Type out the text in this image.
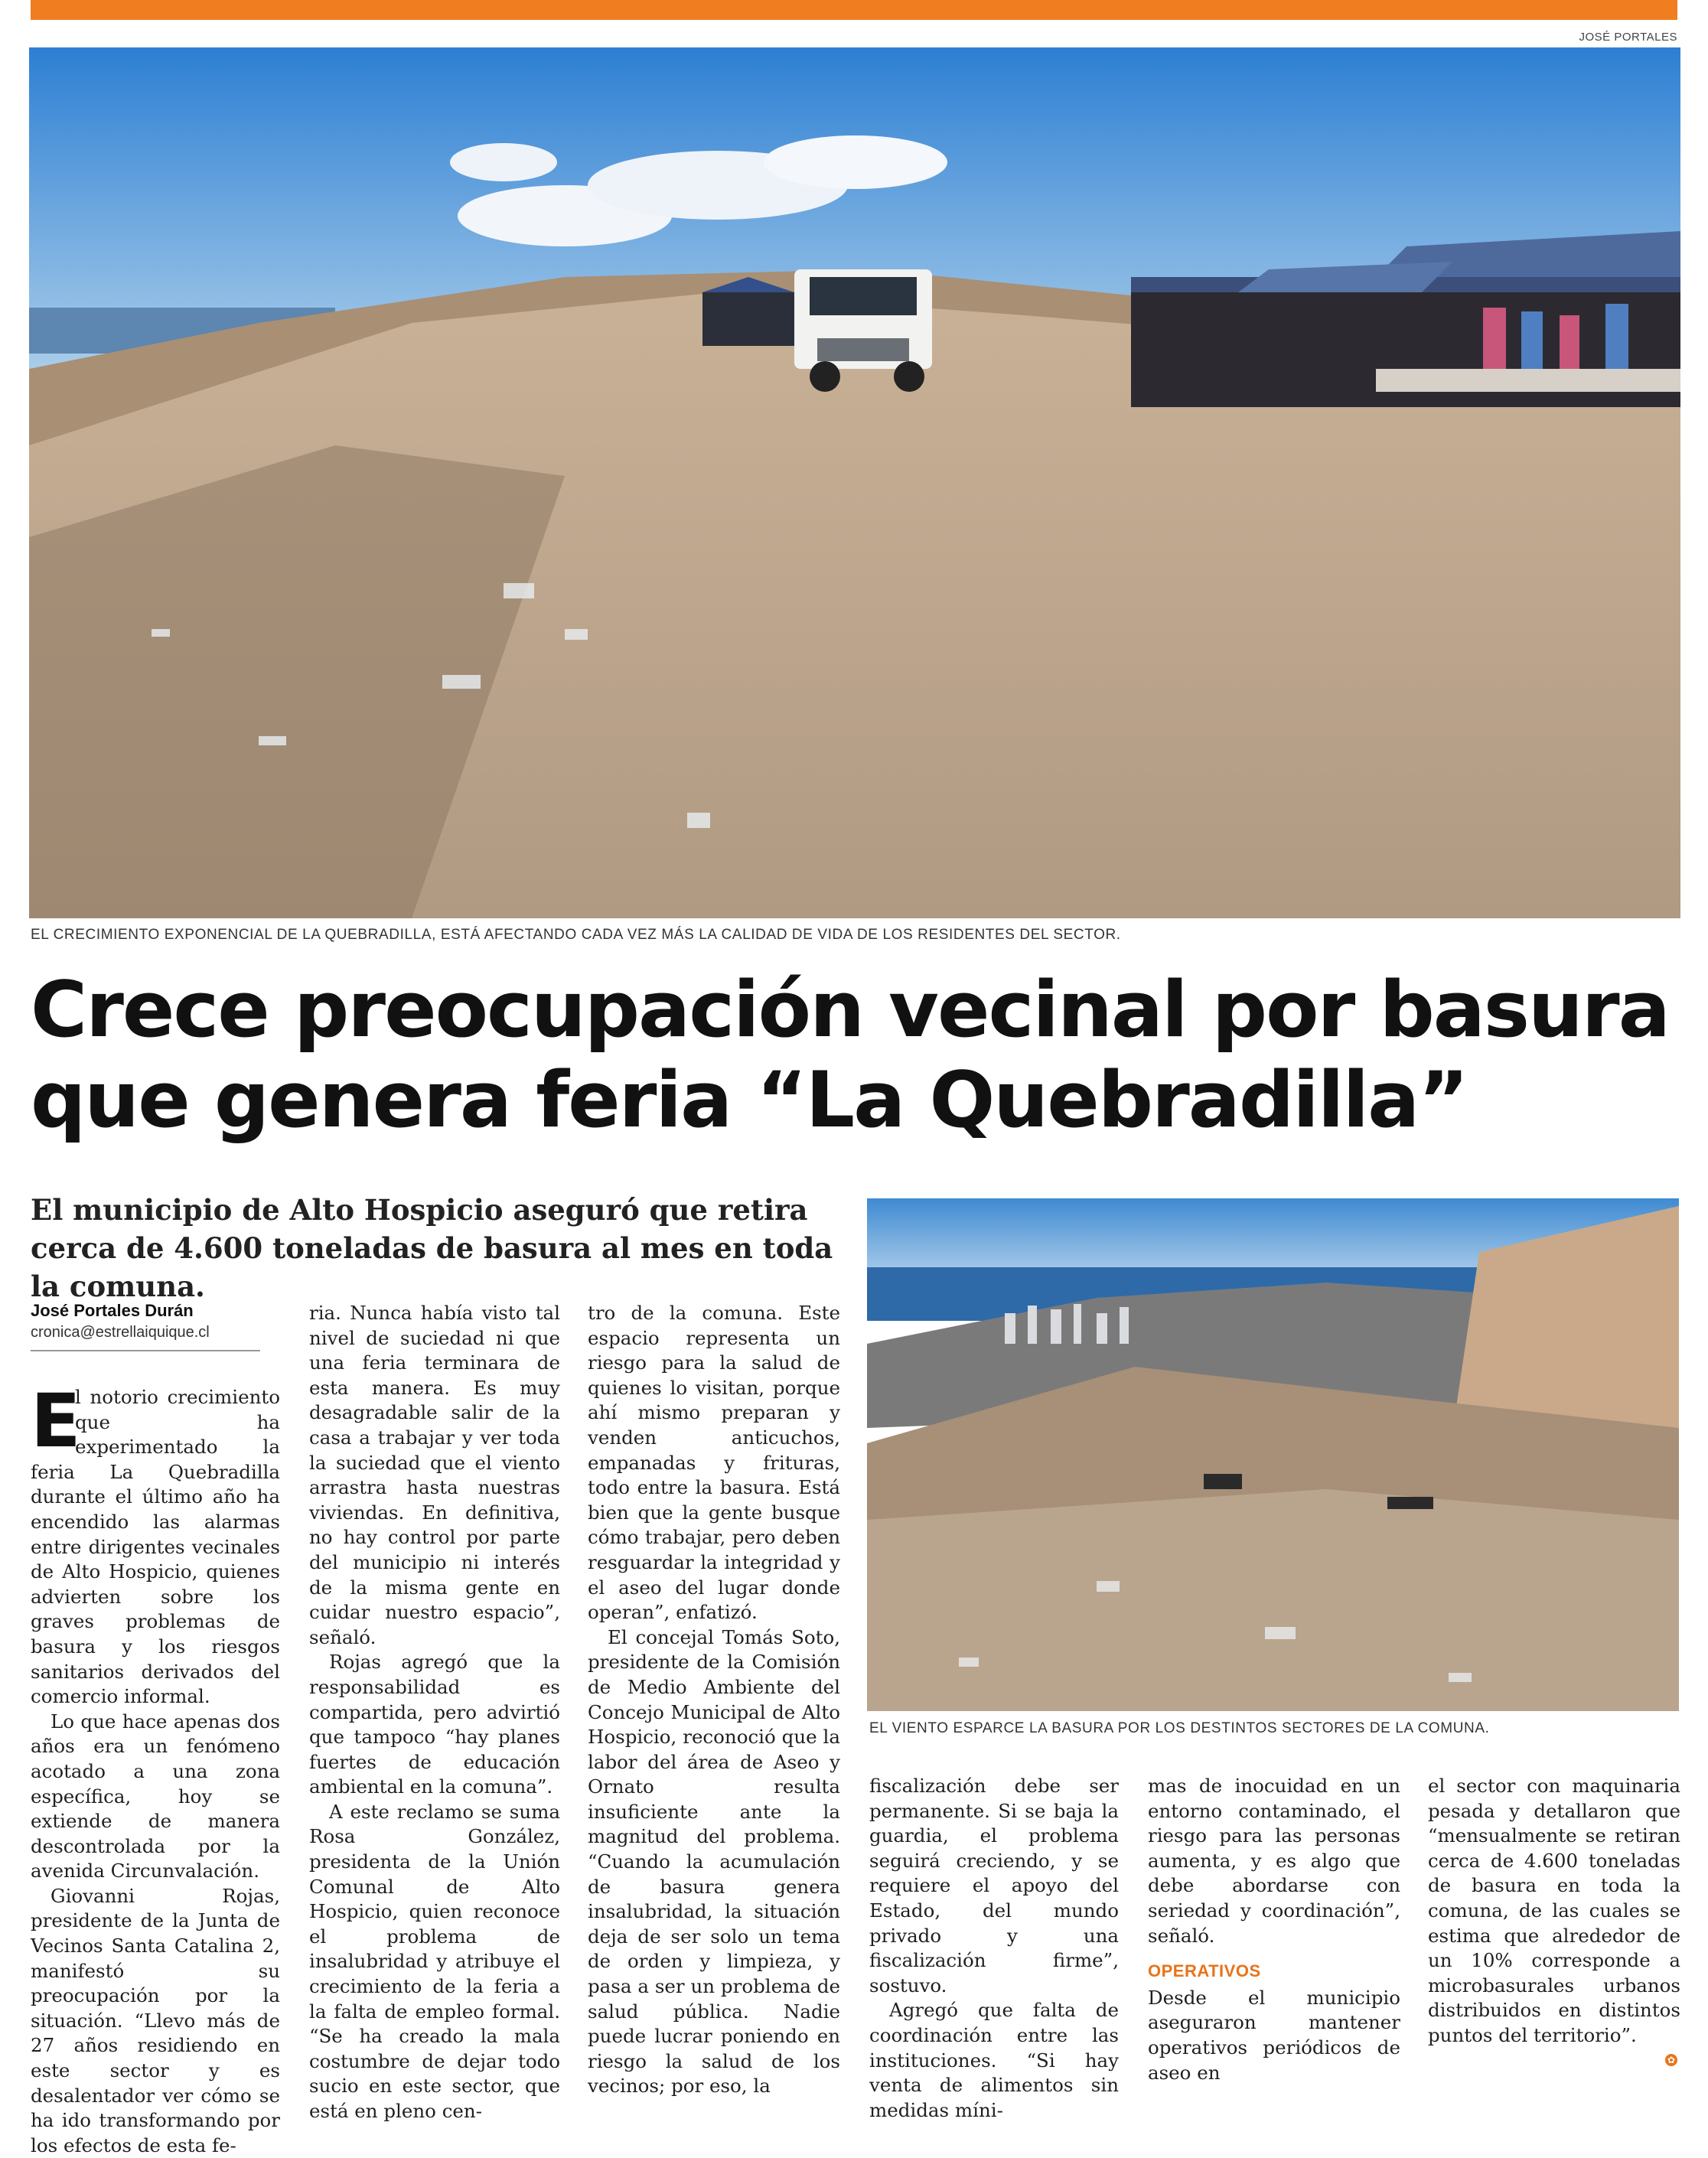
JOSÉ PORTALES
EL CRECIMIENTO EXPONENCIAL DE LA QUEBRADILLA, ESTÁ AFECTANDO CADA VEZ MÁS LA CALIDAD DE VIDA DE LOS RESIDENTES DEL SECTOR.
Crece preocupación vecinal por basura
que genera feria “La Quebradilla”
El municipio de Alto Hospicio aseguró que retira cerca de 4.600 toneladas de basura al mes en toda la comuna.
José Portales Durán
cronica@estrellaiquique.cl
EL VIENTO ESPARCE LA BASURA POR LOS DESTINTOS SECTORES DE LA COMUNA.
E

l notorio crecimiento que ha experimentado la feria La Quebradilla durante el último año ha encendido las alarmas entre dirigentes vecinales de Alto Hospicio, quienes advierten sobre los graves problemas de basura y los riesgos sanitarios derivados del comercio informal.

Lo que hace apenas dos años era un fenómeno acotado a una zona específica, hoy se extiende de manera descontrolada por la avenida Circunvalación.

Giovanni Rojas, presidente de la Junta de Vecinos Santa Catalina 2, manifestó su preocupación por la situación. “Llevo más de 27 años residiendo en este sector y es desalentador ver cómo se ha ido transformando por los efectos de esta fe-

ria. Nunca había visto tal nivel de suciedad ni que una feria terminara de esta manera. Es muy desagradable salir de la casa a trabajar y ver toda la suciedad que el viento arrastra hasta nuestras viviendas. En definitiva, no hay control por parte del municipio ni interés de la misma gente en cuidar nuestro espacio”, señaló.

Rojas agregó que la responsabilidad es compartida, pero advirtió que tampoco “hay planes fuertes de educación ambiental en la comuna”.

A este reclamo se suma Rosa González, presidenta de la Unión Comunal de Alto Hospicio, quien reconoce el problema de insalubridad y atribuye el crecimiento de la feria a la falta de empleo formal. “Se ha creado la mala costumbre de dejar todo sucio en este sector, que está en pleno cen-

tro de la comuna. Este espacio representa un riesgo para la salud de quienes lo visitan, porque ahí mismo preparan y venden anticuchos, empanadas y frituras, todo entre la basura. Está bien que la gente busque cómo trabajar, pero deben resguardar la integridad y el aseo del lugar donde operan”, enfatizó.

El concejal Tomás Soto, presidente de la Comisión de Medio Ambiente del Concejo Municipal de Alto Hospicio, reconoció que la labor del área de Aseo y Ornato resulta insuficiente ante la magnitud del problema. “Cuando la acumulación de basura genera insalubridad, la situación deja de ser solo un tema de orden y limpieza, y pasa a ser un problema de salud pública. Nadie puede lucrar poniendo en riesgo la salud de los vecinos; por eso, la

fiscalización debe ser permanente. Si se baja la guardia, el problema seguirá creciendo, y se requiere el apoyo del Estado, del mundo privado y una fiscalización firme”, sostuvo.

Agregó que falta de coordinación entre las instituciones. “Si hay venta de alimentos sin medidas míni-

mas de inocuidad en un entorno contaminado, el riesgo para las personas aumenta, y es algo que debe abordarse con seriedad y coordinación”, señaló.

OPERATIVOS

Desde el municipio aseguraron mantener operativos periódicos de aseo en

el sector con maquinaria pesada y detallaron que “mensualmente se retiran cerca de 4.600 toneladas de basura en toda la comuna, de las cuales se estima que alrededor de un 10% corresponde a microbasurales urbanos distribuidos en distintos puntos del territorio”.

✿
